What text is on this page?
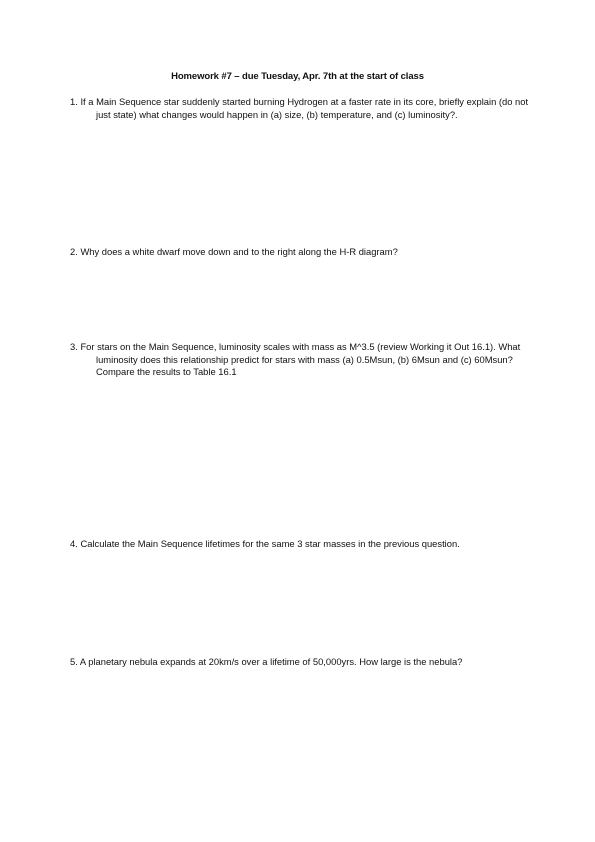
Homework #7 – due Tuesday, Apr. 7th at the start of class
1. If a Main Sequence star suddenly started burning Hydrogen at a faster rate in its core, briefly explain (do not just state) what changes would happen in (a) size, (b) temperature, and (c) luminosity?.
2. Why does a white dwarf move down and to the right along the H-R diagram?
3. For stars on the Main Sequence, luminosity scales with mass as M^3.5 (review Working it Out 16.1). What luminosity does this relationship predict for stars with mass (a) 0.5Msun, (b) 6Msun and (c) 60Msun? Compare the results to Table 16.1
4. Calculate the Main Sequence lifetimes for the same 3 star masses in the previous question.
5. A planetary nebula expands at 20km/s over a lifetime of 50,000yrs. How large is the nebula?
